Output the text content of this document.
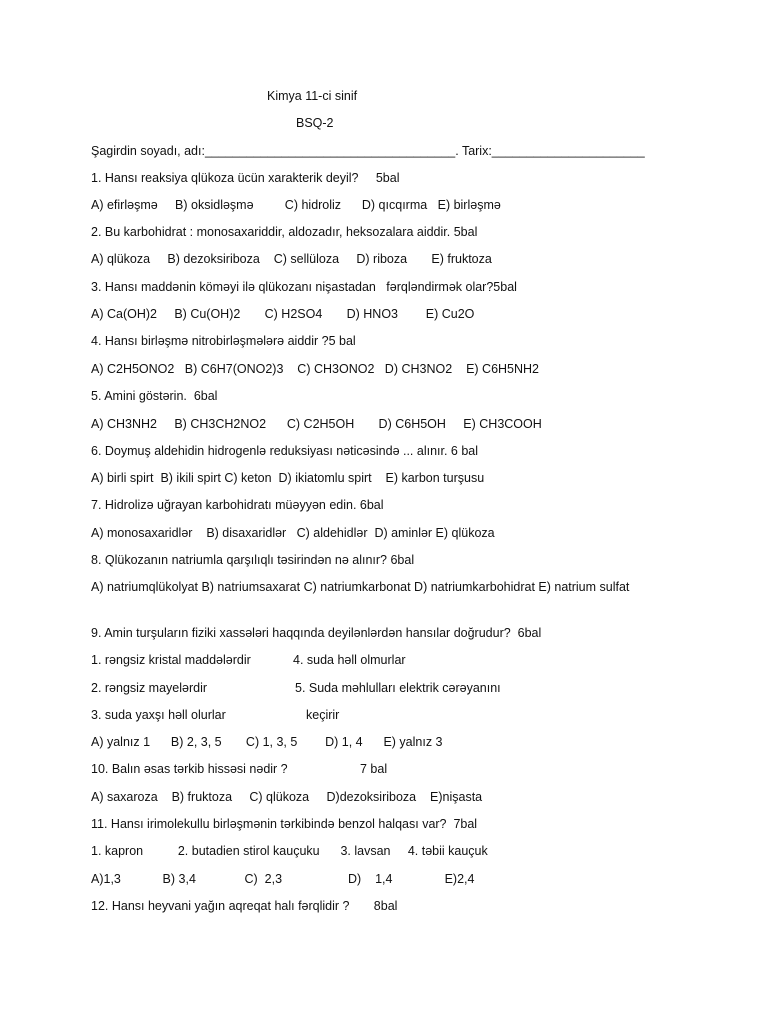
Kimya 11-ci sinif

BSQ-2

Şagirdin soyadı, adı:____________________________________. Tarix:______________________

1. Hansı reaksiya qlükoza ücün xarakterik deyil?     5bal

A) efirləşmə     B) oksidləşmə         C) hidroliz      D) qıcqırma   E) birləşmə

2. Bu karbohidrat : monosaxariddir, aldozadır, heksozalara aiddir. 5bal

A) qlükoza     B) dezoksiriboza    C) sellüloza     D) riboza       E) fruktoza

3. Hansı maddənin köməyi ilə qlükozanı nişastadan   fərqləndirmək olar?5bal

A) Ca(OH)2     B) Cu(OH)2       C) H2SO4       D) HNO3        E) Cu2O

4. Hansı birləşmə nitrobirləşmələrə aiddir ?5 bal

A) C2H5ONO2   B) C6H7(ONO2)3    C) CH3ONO2   D) CH3NO2    E) C6H5NH2

5. Amini göstərin.  6bal

A) CH3NH2     B) CH3CH2NO2      C) C2H5OH       D) C6H5OH     E) CH3COOH

6. Doymuş aldehidin hidrogenlə reduksiyası nəticəsində ... alınır. 6 bal

A) birli spirt  B) ikili spirt C) keton  D) ikiatomlu spirt    E) karbon turşusu

7. Hidrolizə uğrayan karbohidratı müəyyən edin. 6bal

A) monosaxaridlər    B) disaxaridlər   C) aldehidlər  D) aminlər E) qlükoza

8. Qlükozanın natriumla qarşılıqlı təsirindən nə alınır? 6bal

A) natriumqlükolyat B) natriumsaxarat C) natriumkarbonat D) natriumkarbohidrat E) natrium sulfat

9. Amin turşuların fiziki xassələri haqqında deyilənlərdən hansılar doğrudur?  6bal

1. rəngsiz kristal maddələrdir	4. suda həll olmurlar

2. rəngsiz mayelərdir	5. Suda məhlulları elektrik cərəyanını

3. suda yaxşı həll olurlar	keçirir

A) yalnız 1      B) 2, 3, 5       C) 1, 3, 5        D) 1, 4      E) yalnız 3

10. Balın əsas tərkib hissəsi nədir ?	7 bal

A) saxaroza    B) fruktoza     C) qlükoza     D)dezoksiriboza    E)nişasta

11. Hansı irimolekullu birləşmənin tərkibində benzol halqası var?  7bal

1. kapron          2. butadien stirol kauçuku      3. lavsan     4. təbii kauçuk

A)1,3            B) 3,4              C)  2,3                   D)    1,4               E)2,4

12. Hansı heyvani yağın aqreqat halı fərqlidir ?       8bal
